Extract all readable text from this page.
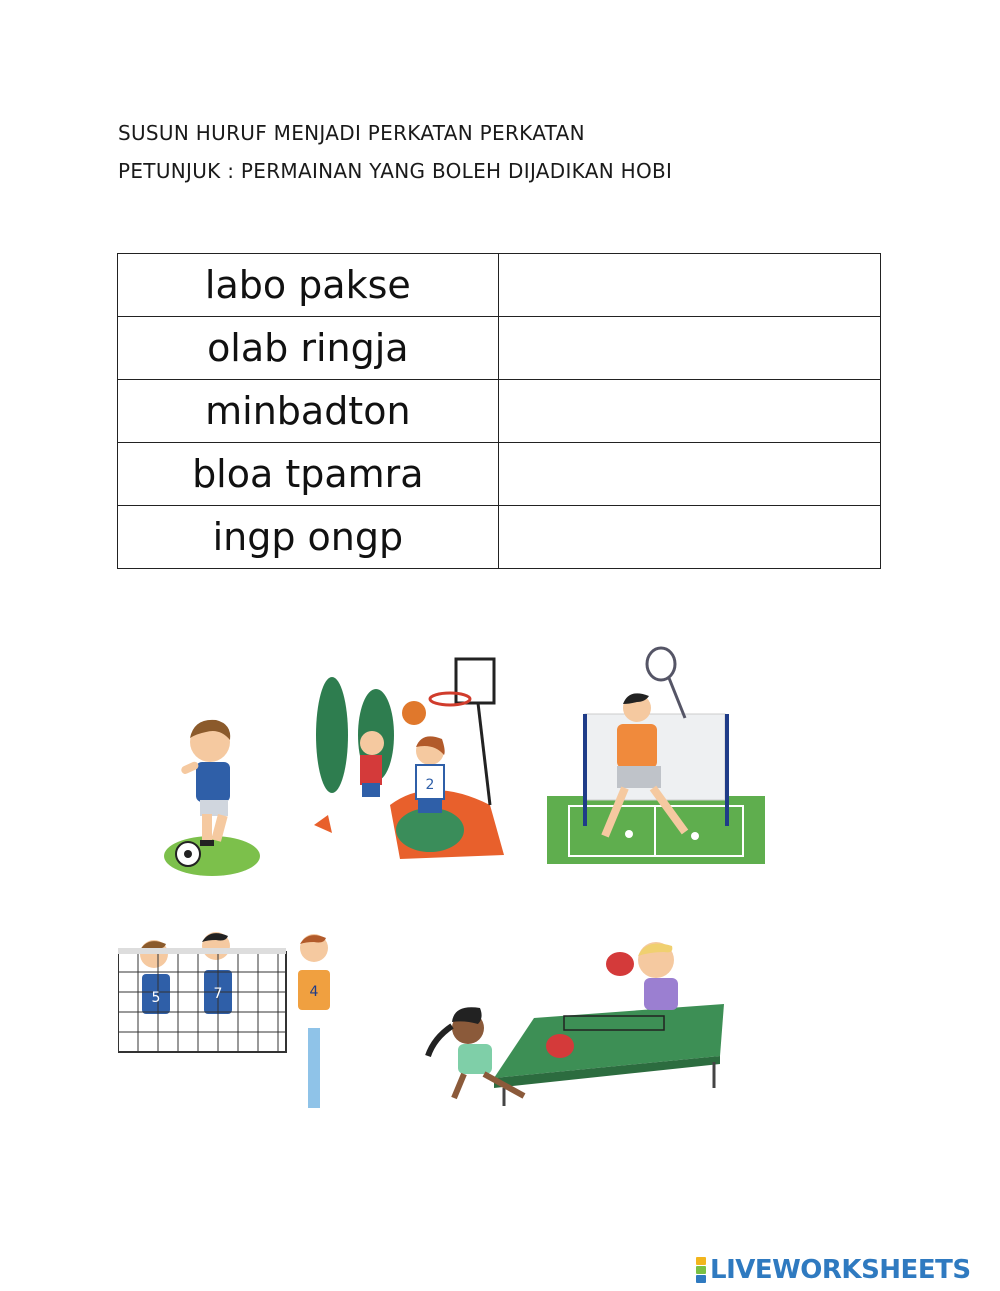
SUSUN HURUF MENJADI PERKATAN PERKATAN
PETUNJUK : PERMAINAN YANG BOLEH DIJADIKAN HOBI
labo pakse	
olab ringja	
minbadton	
bloa tpamra	
ingp ongp	
2
5	7	4
LIVEWORKSHEETS
